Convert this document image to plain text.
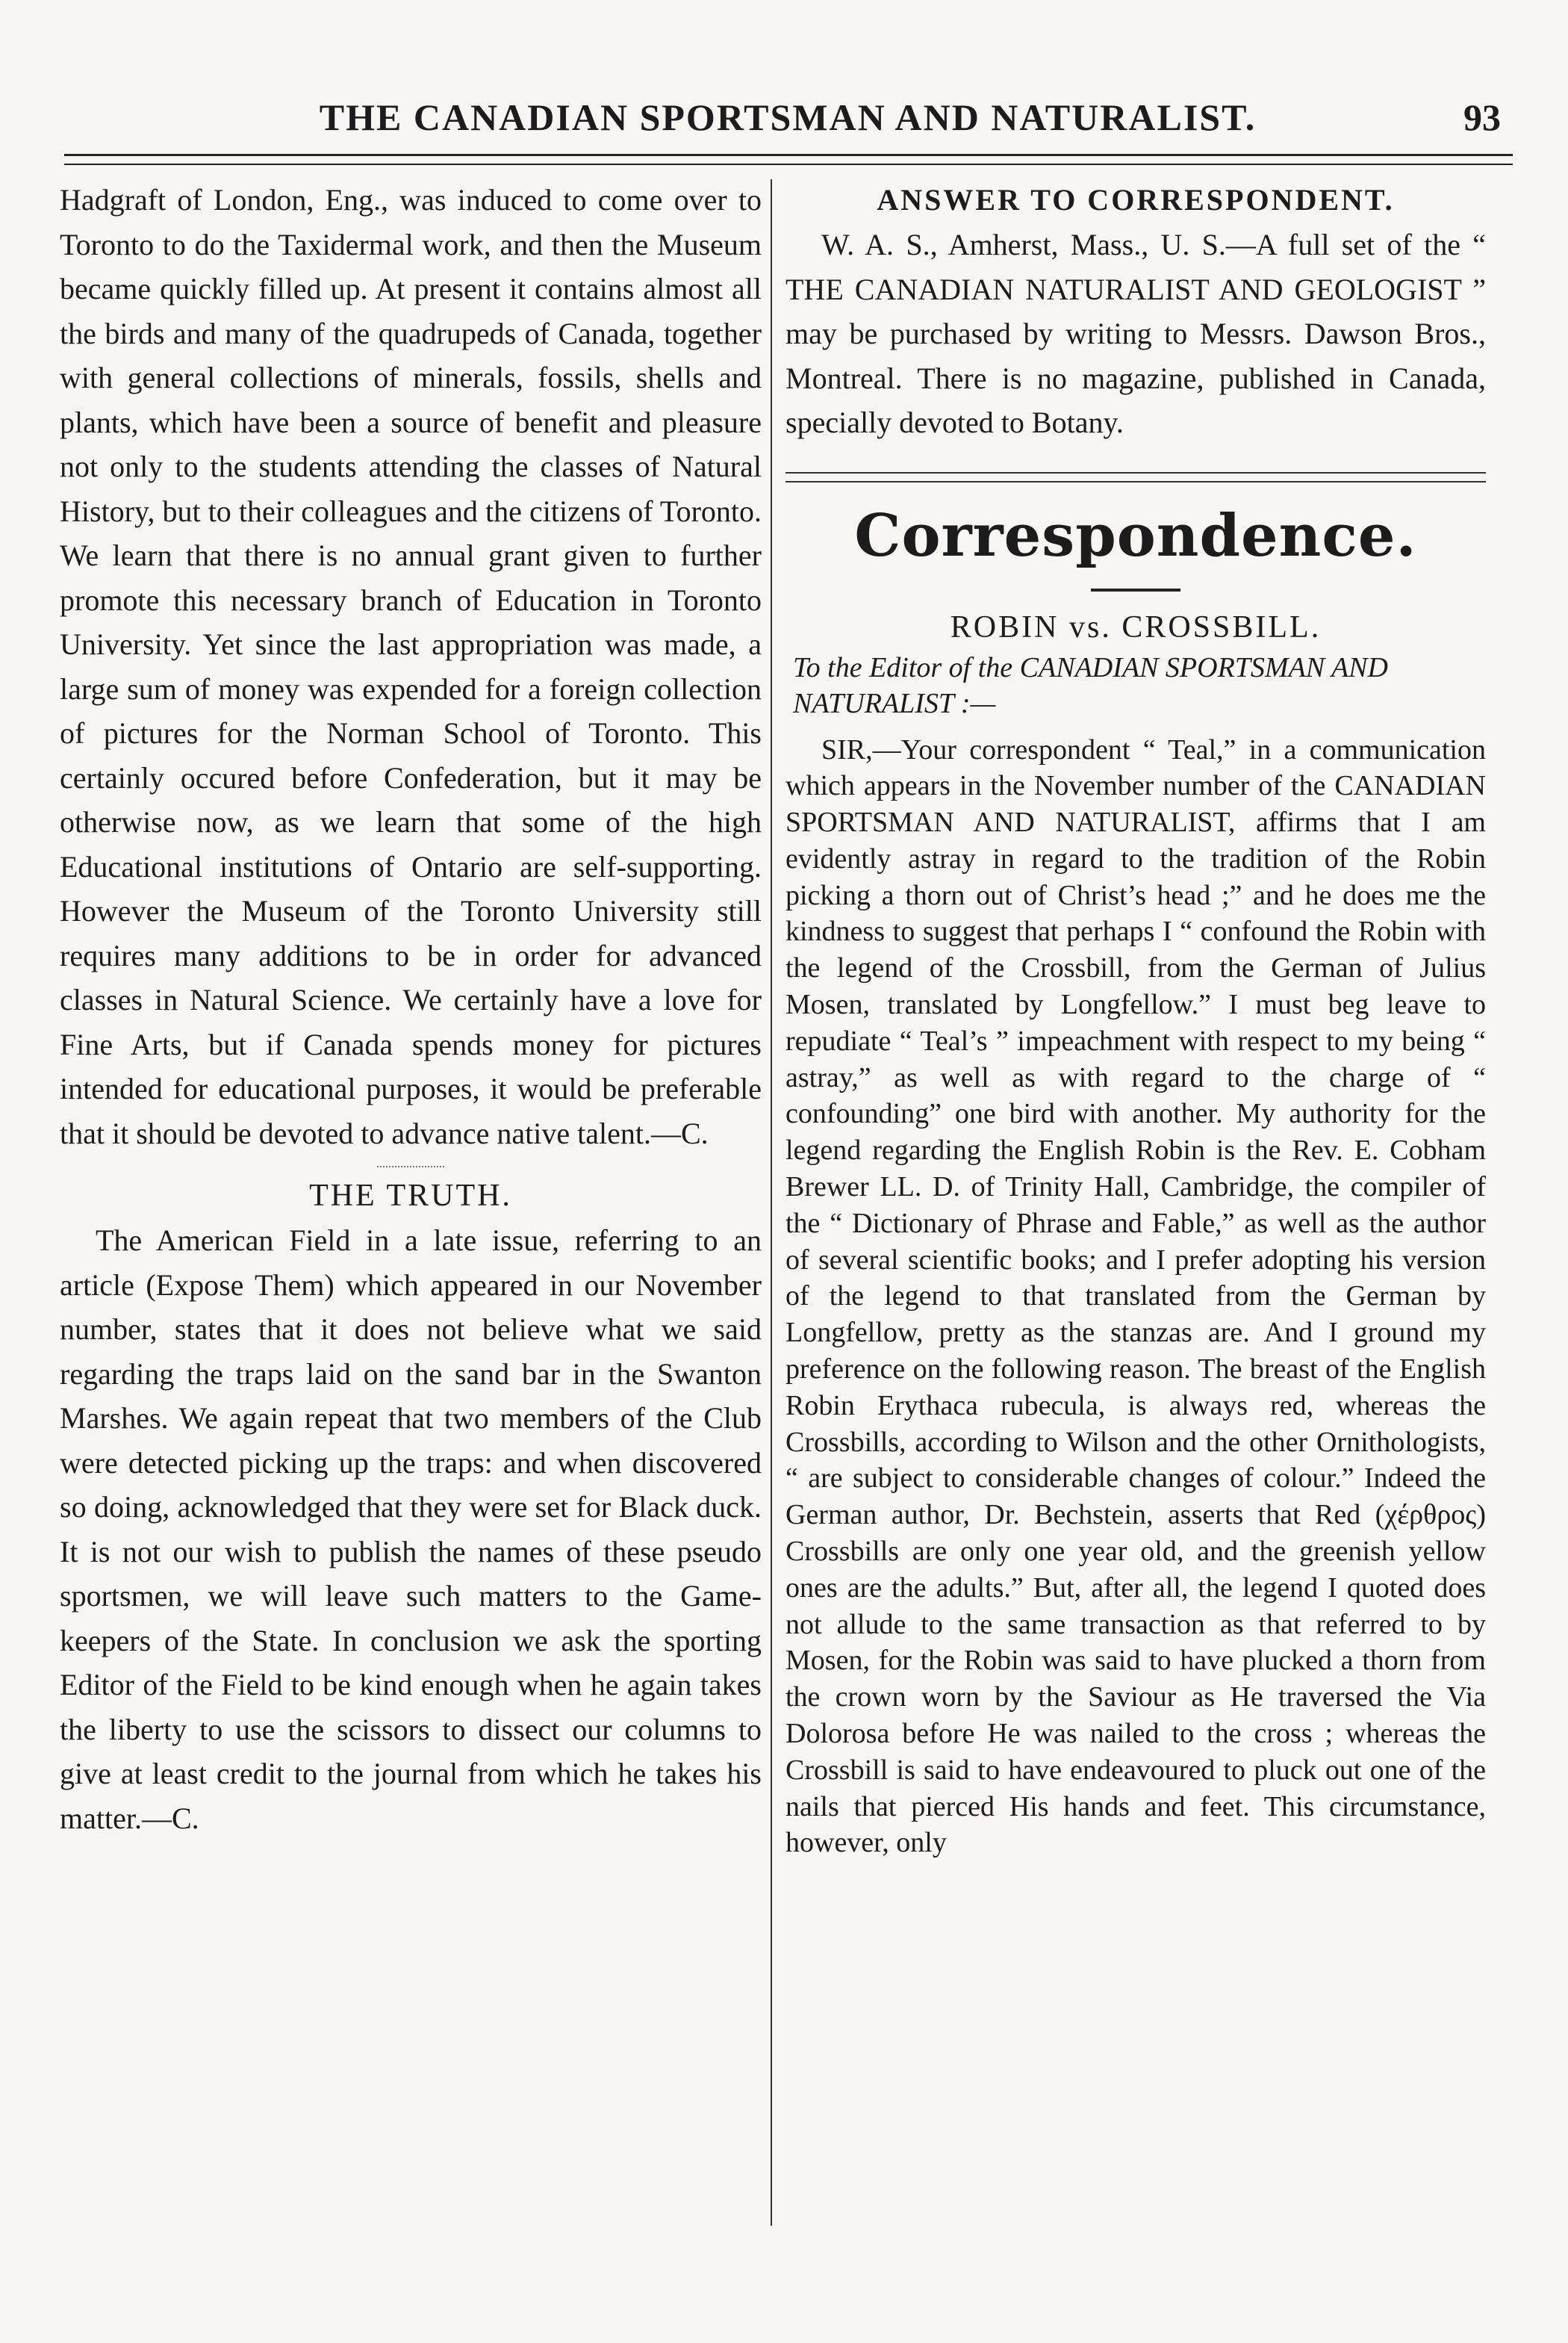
THE CANADIAN SPORTSMAN AND NATURALIST.	93

Hadgraft of London, Eng., was induced to come over to Toronto to do the Taxidermal work, and then the Museum became quickly filled up. At present it contains almost all the birds and many of the quadrupeds of Canada, together with general collections of minerals, fossils, shells and plants, which have been a source of benefit and pleasure not only to the students attending the classes of Natural History, but to their colleagues and the citizens of Toronto. We learn that there is no annual grant given to further promote this necessary branch of Education in Toronto University. Yet since the last appropriation was made, a large sum of money was expended for a foreign collection of pictures for the Norman School of Toronto. This certainly occured before Confederation, but it may be otherwise now, as we learn that some of the high Educational institutions of Ontario are self-supporting. However the Museum of the Toronto University still requires many additions to be in order for advanced classes in Natural Science. We certainly have a love for Fine Arts, but if Canada spends money for pictures intended for educational purposes, it would be preferable that it should be devoted to advance native talent.—C.

THE TRUTH.

The American Field in a late issue, referring to an article (Expose Them) which appeared in our November number, states that it does not believe what we said regarding the traps laid on the sand bar in the Swanton Marshes. We again repeat that two members of the Club were detected picking up the traps: and when discovered so doing, acknowledged that they were set for Black duck. It is not our wish to publish the names of these pseudo sportsmen, we will leave such matters to the Game-keepers of the State. In conclusion we ask the sporting Editor of the Field to be kind enough when he again takes the liberty to use the scissors to dissect our columns to give at least credit to the journal from which he takes his matter.—C.

ANSWER TO CORRESPONDENT.

W. A. S., Amherst, Mass., U. S.—A full set of the “ THE CANADIAN NATURALIST AND GEOLOGIST ” may be purchased by writing to Messrs. Dawson Bros., Montreal. There is no magazine, published in Canada, specially devoted to Botany.

Correspondence.

ROBIN vs. CROSSBILL.

To the Editor of the CANADIAN SPORTSMAN AND NATURALIST :—

SIR,—Your correspondent “ Teal,” in a communication which appears in the November number of the CANADIAN SPORTSMAN AND NATURALIST, affirms that I am evidently astray in regard to the tradition of the Robin picking a thorn out of Christ’s head ;” and he does me the kindness to suggest that perhaps I “ confound the Robin with the legend of the Crossbill, from the German of Julius Mosen, translated by Longfellow.” I must beg leave to repudiate “ Teal’s ” impeachment with respect to my being “ astray,” as well as with regard to the charge of “ confounding” one bird with another. My authority for the legend regarding the English Robin is the Rev. E. Cobham Brewer LL. D. of Trinity Hall, Cambridge, the compiler of the “ Dictionary of Phrase and Fable,” as well as the author of several scientific books; and I prefer adopting his version of the legend to that translated from the German by Longfellow, pretty as the stanzas are. And I ground my preference on the following reason. The breast of the English Robin Erythaca rubecula, is always red, whereas the Crossbills, according to Wilson and the other Ornithologists, “ are subject to considerable changes of colour.” Indeed the German author, Dr. Bechstein, asserts that Red (χέρθρος) Crossbills are only one year old, and the greenish yellow ones are the adults.” But, after all, the legend I quoted does not allude to the same transaction as that referred to by Mosen, for the Robin was said to have plucked a thorn from the crown worn by the Saviour as He traversed the Via Dolorosa before He was nailed to the cross ; whereas the Crossbill is said to have endeavoured to pluck out one of the nails that pierced His hands and feet. This circumstance, however, only
